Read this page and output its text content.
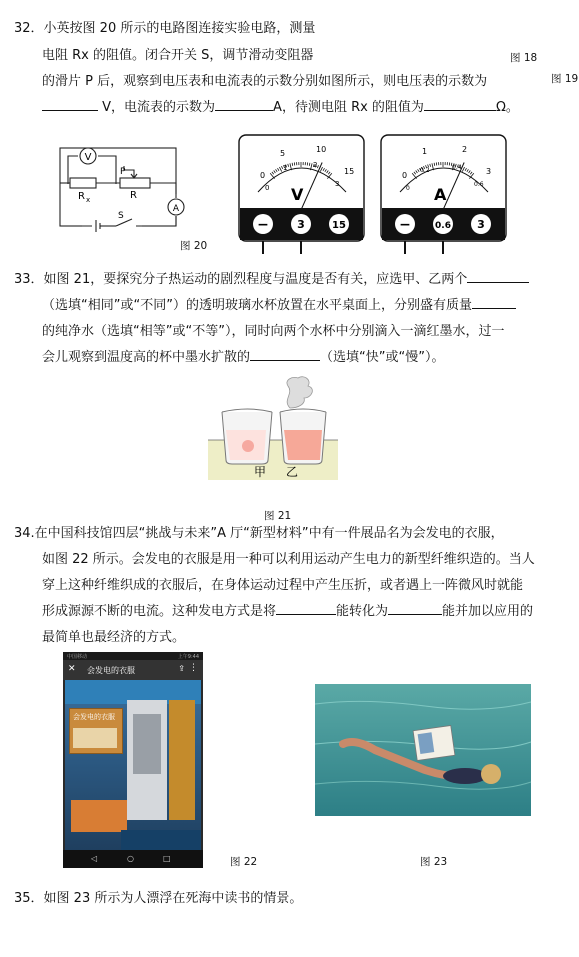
32．小英按图 20 所示的电路图连接实验电路，测量
电阻 Rx 的阻值。闭合开关 S，调节滑动变阻器	图 18
的滑片 P 后，观察到电压表和电流表的示数分别如图所示，则电压表的示数为	图 19
V，电流表的示数为	A，待测电阻 Rx 的阻值为	Ω。
V
A
P
R
R x
S
图 20
0
5	10
15
0
1	2
3
V
−	3	15
0
1	2
3
0
0.2	0.4
0.6
A
−	0.6 3
33．如图 21，要探究分子热运动的剧烈程度与温度是否有关，应选甲、乙两个
（选填“相同”或“不同”）的透明玻璃水杯放置在水平桌面上，分别盛有质量
的纯净水（选填“相等”或“不等”），同时向两个水杯中分别滴入一滴红墨水，过一
会儿观察到温度高的杯中墨水扩散的	（选填“快”或“慢”）。
甲 乙
图 21
34.在中国科技馆四层“挑战与未来”A 厅“新型材料”中有一件展品名为会发电的衣服，
如图 22 所示。会发电的衣服是用一种可以利用运动产生电力的新型纤维织造的。当人
穿上这种纤维织成的衣服后，在身体运动过程中产生压折，或者遇上一阵微风时就能
形成源源不断的电流。这种发电方式是将	能转化为	能并加以应用的
最简单也最经济的方式。
中国移动	上午9:44
✕ 会发电的衣服	⇪ ⋮
会发电的衣服
◁	○	□	图 22	图 23
35．如图 23 所示为人漂浮在死海中读书的情景。
